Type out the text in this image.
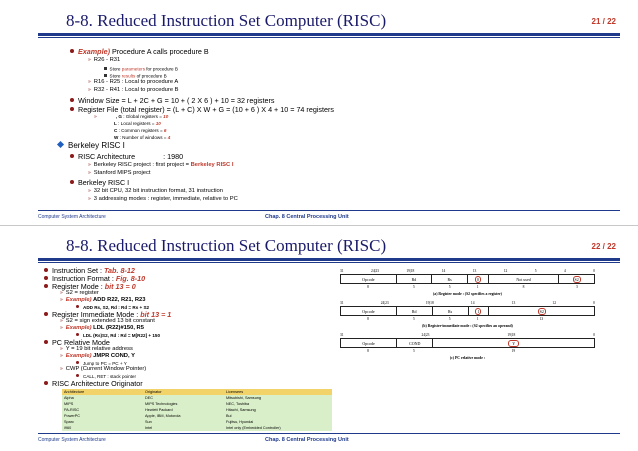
8-8. Reduced Instruction Set Computer (RISC)	21 / 22
Example) Procedure A calls procedure B
» R26 - R31
Store parameters for procedure B
Store results of procedure B
» R16 - R25 : Local to procedure A
» R32 - R41 : Local to procedure B
Window Size = L + 2C + G = 10 + ( 2 X 6 ) + 10 = 32 registers
Register File (total register) = (L + C) X W + G = (10 + 6 ) X 4 + 10 = 74 registers
»	, G : Global registers = 10
L : Local registers = 10
C : Common registers = 6
W : Number of windows = 4
Berkeley RISC I
RISC Architecture	: 1980
» Berkeley RISC project : first project = Berkeley RISC I
» Stanford MIPS project
Berkeley RISC I
» 32 bit CPU, 32 bit instruction format, 31 instruction
» 3 addressing modes : register, immediate, relative to PC
Computer System Architecture	Chap. 8 Central Processing Unit
8-8. Reduced Instruction Set Computer (RISC)	22 / 22
Instruction Set : Tab. 8-12
Instruction Format : Fig. 8-10
Register Mode : bit 13 = 0
» S2 = register
» Example) ADD R22, R21, R23
ADD Rs, S2, Rd : Rd = Rs + S2
Register Immediate Mode : bit 13 = 1
» S2 = sign extended 13 bit constant
» Example) LDL (R22)#150, R5
LDL (Rs)S2, Rd : Rd = M[R22] + 150
PC Relative Mode
» Y = 19 bit relative address
» Example) JMPR COND, Y
Jump to PC = PC + Y
» CWP (Current Window Pointer)
CALL, RET : stack pointer
RISC Architecture Originator
31	24|23	19|18	14	13	12	5	4	0
Opcode	Rd	Rs	0	Not used	S2
8	5	5	1	8	5
(a) Register mode : (S2 specifies a register)
31	24|23	19|18	14	13	12	0
Opcode	Rd	Rs	1	S2
8	5	5	1	13
(b) Register-immediate mode : (S2 specifies an operand)
31	24|23	19|18	0
Opcode	COND	Y
8	5	19
(c) PC relative mode :
Architecture	Originator	Licensees
Alpha	DEC	Mitsubishi, Samsung
MIPS	MIPS Technologies	NEC, Toshiba
PA-RISC	Hewlett Packard	Hitachi, Samsung
PowerPC	Apple, IBM, Motorola	Bul
Sparc	Sun	Fujitsu, Hyundai
i960	Intel	Intel only (Embedded Controller)
Computer System Architecture	Chap. 8 Central Processing Unit
